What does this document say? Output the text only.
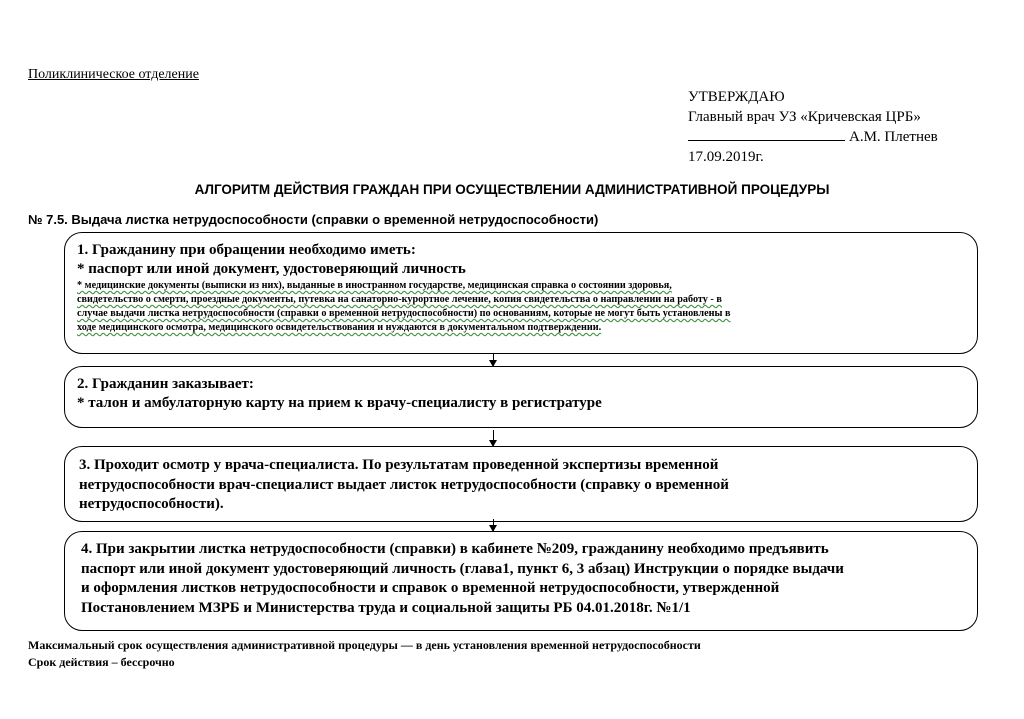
Поликлиническое отделение
УТВЕРЖДАЮ
Главный врач УЗ «Кричевская ЦРБ»
А.М. Плетнев
17.09.2019г.
АЛГОРИТМ ДЕЙСТВИЯ ГРАЖДАН ПРИ ОСУЩЕСТВЛЕНИИ АДМИНИСТРАТИВНОЙ ПРОЦЕДУРЫ
№ 7.5. Выдача листка нетрудоспособности (справки о временной нетрудоспособности)
1. Гражданину при обращении необходимо иметь:
* паспорт или иной документ, удостоверяющий личность
* медицинские документы (выписки из них), выданные в иностранном государстве, медицинская справка о состоянии здоровья,
свидетельство о смерти, проездные документы, путевка на санаторно-курортное лечение, копия свидетельства о направлении на работу - в
случае выдачи листка нетрудоспособности (справки о временной нетрудоспособности) по основаниям, которые не могут быть установлены в
ходе медицинского осмотра, медицинского освидетельствования и нуждаются в документальном подтверждении.
2. Гражданин заказывает:
* талон и амбулаторную карту на прием к врачу-специалисту в регистратуре
3. Проходит осмотр у врача-специалиста. По результатам проведенной экспертизы временной
нетрудоспособности врач-специалист выдает листок нетрудоспособности (справку о временной
нетрудоспособности).
4. При закрытии листка нетрудоспособности (справки) в кабинете №209, гражданину необходимо предъявить
паспорт или иной документ удостоверяющий личность (глава1, пункт 6, 3 абзац) Инструкции о порядке выдачи
и оформления листков нетрудоспособности и справок о временной нетрудоспособности, утвержденной
Постановлением МЗРБ и Министерства труда и социальной защиты РБ 04.01.2018г. №1/1
Максимальный срок осуществления административной процедуры — в день установления временной нетрудоспособности
Срок действия – бессрочно
